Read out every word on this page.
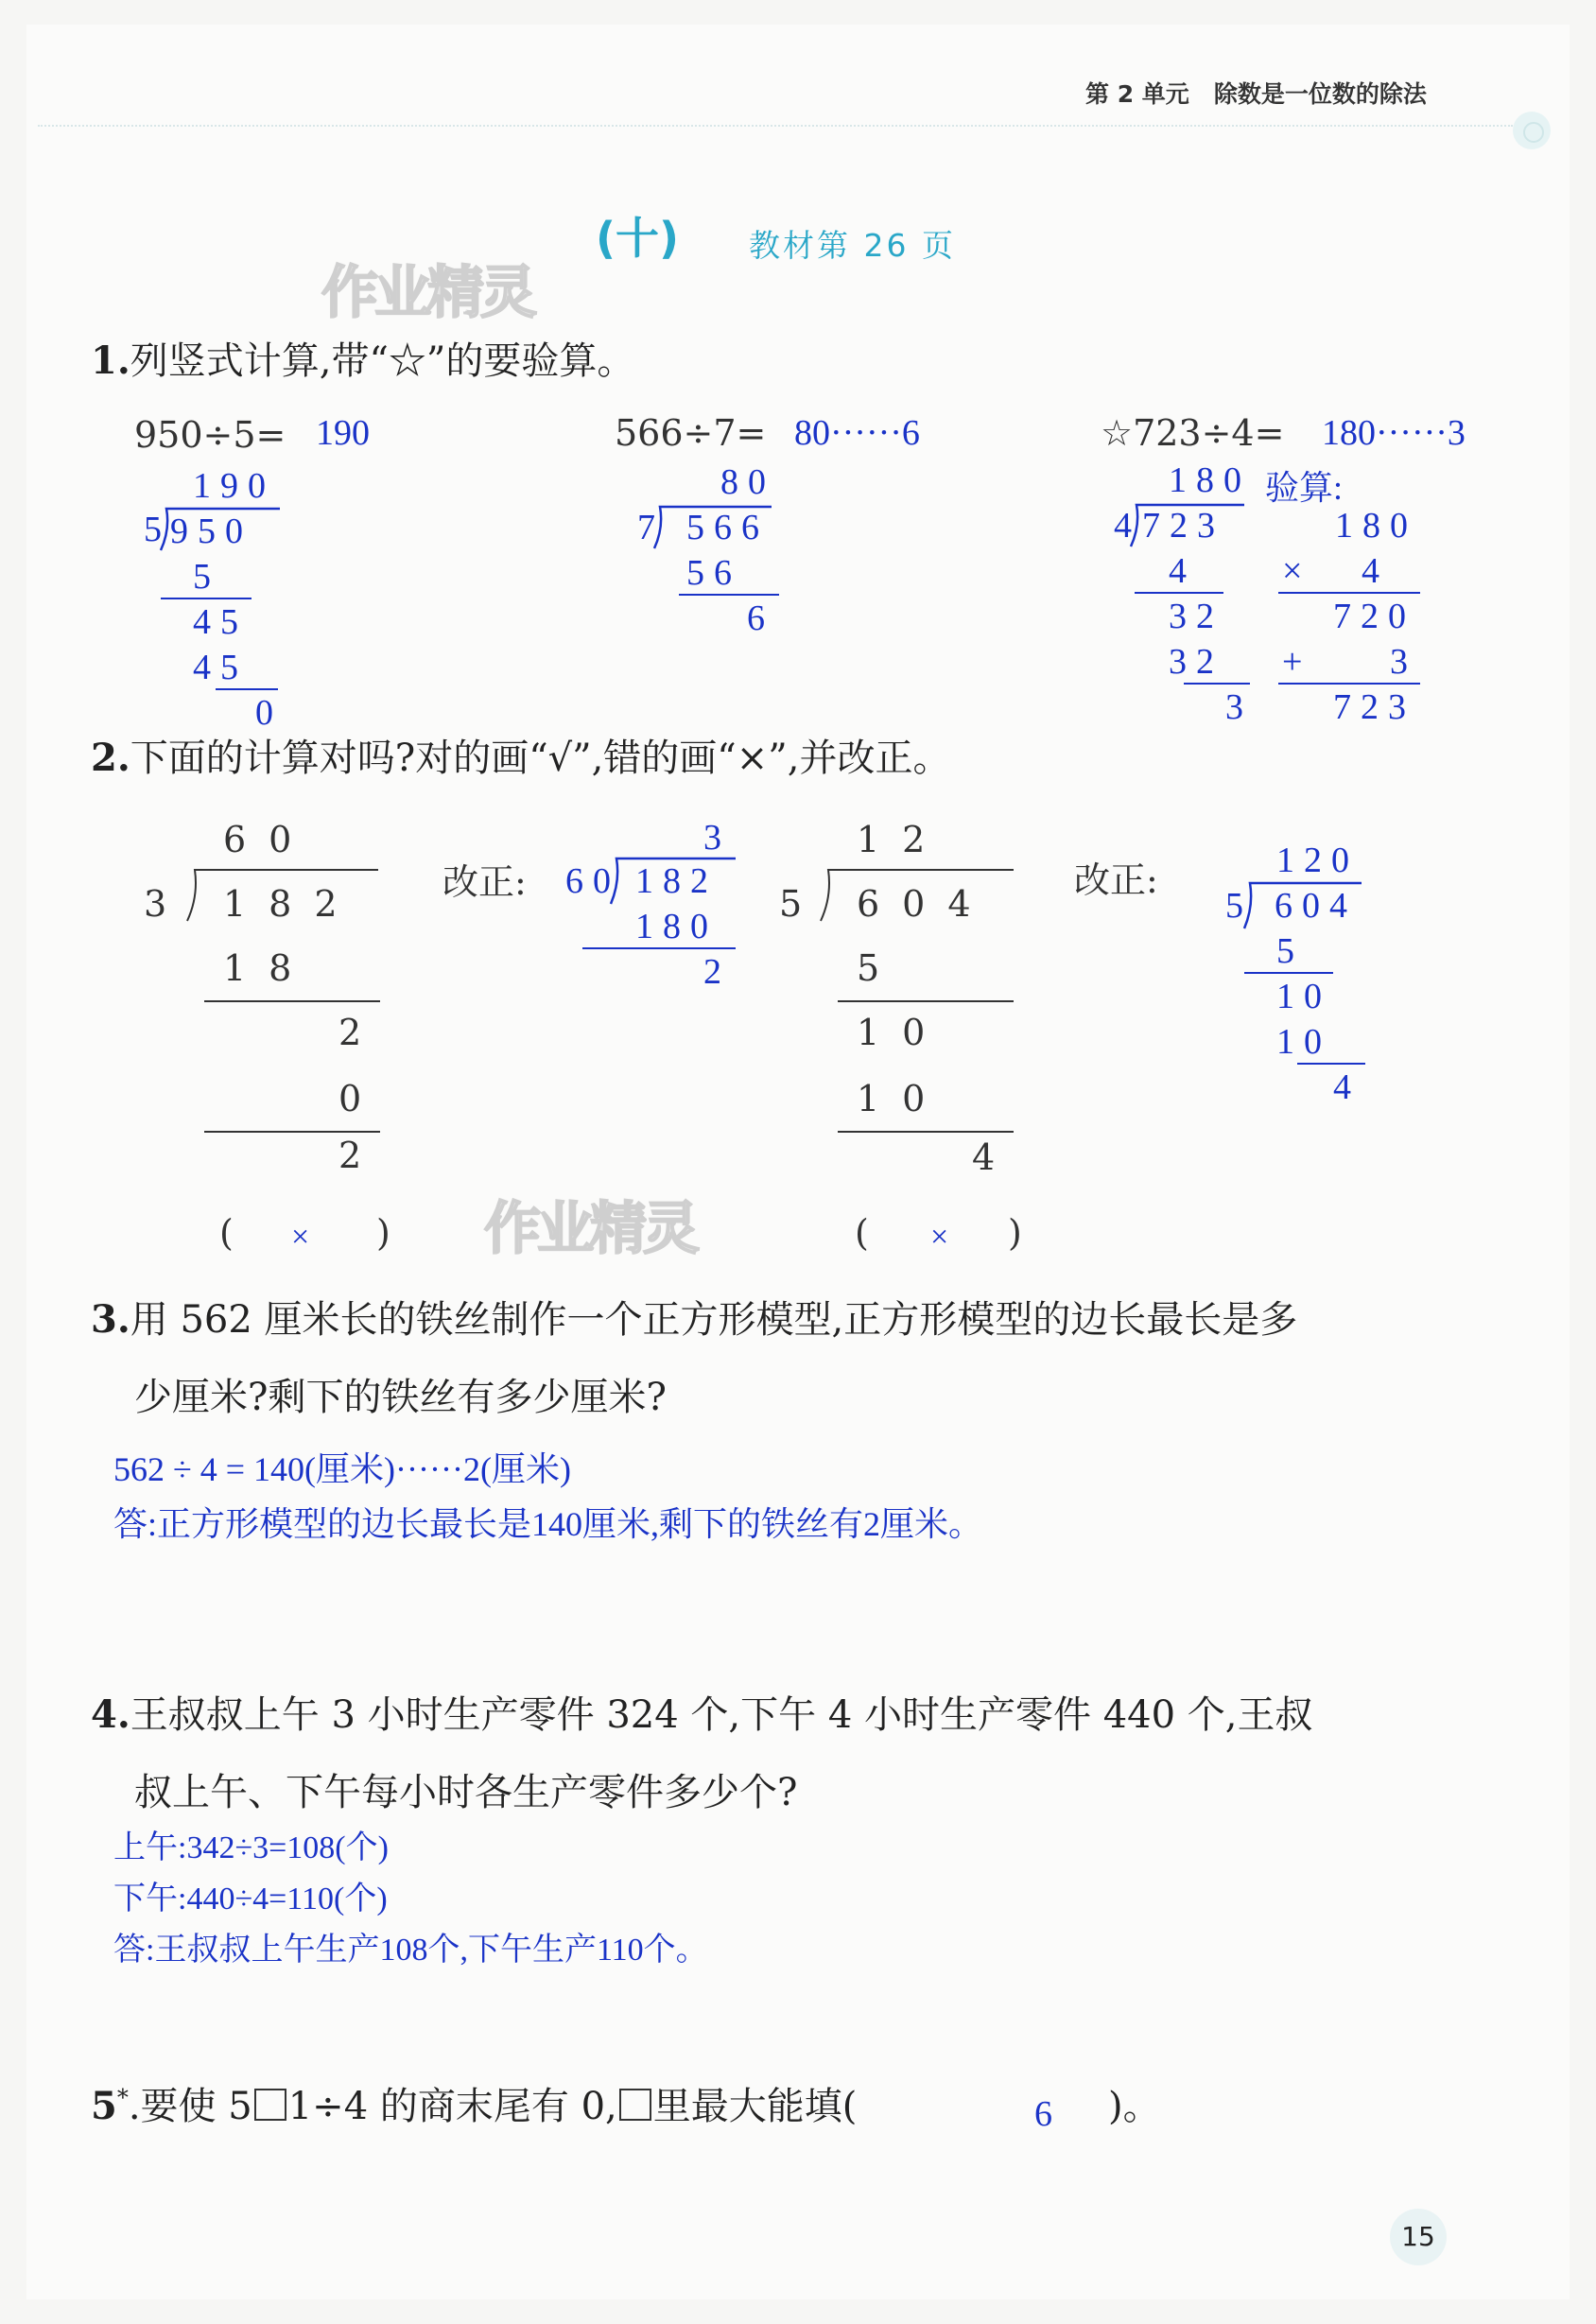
第 2 单元 除数是一位数的除法
(十) 教材第 26 页
作业精灵
作业精灵
1.列竖式计算,带“☆”的要验算。
950÷5= 190	566÷7= 80······6	☆723÷4= 180······3
190
5 950
5
45
45
0
80
7 566
56
6
180 验算:
4 723
4
32
32
3
180
× 4
720
+ 3
723
2.下面的计算对吗?对的画“√”,错的画“×”,并改正。
60
3 182
18
2
0
2
( × )
改正:
3
60 182
180
2
12
5 604
5
10
10
4
( × )
改正:	120
5 604
5
10
10
4
3.用 562 厘米长的铁丝制作一个正方形模型,正方形模型的边长最长是多
少厘米?剩下的铁丝有多少厘米?
562 ÷ 4 = 140(厘米)······2(厘米)
答:正方形模型的边长最长是140厘米,剩下的铁丝有2厘米。
4.王叔叔上午 3 小时生产零件 324 个,下午 4 小时生产零件 440 个,王叔
叔上午、下午每小时各生产零件多少个?
上午:342÷3=108(个)
下午:440÷4=110(个)
答:王叔叔上午生产108个,下午生产110个。
5*.要使 5 1÷4 的商末尾有 0, 里最大能填(	6 )。
15
